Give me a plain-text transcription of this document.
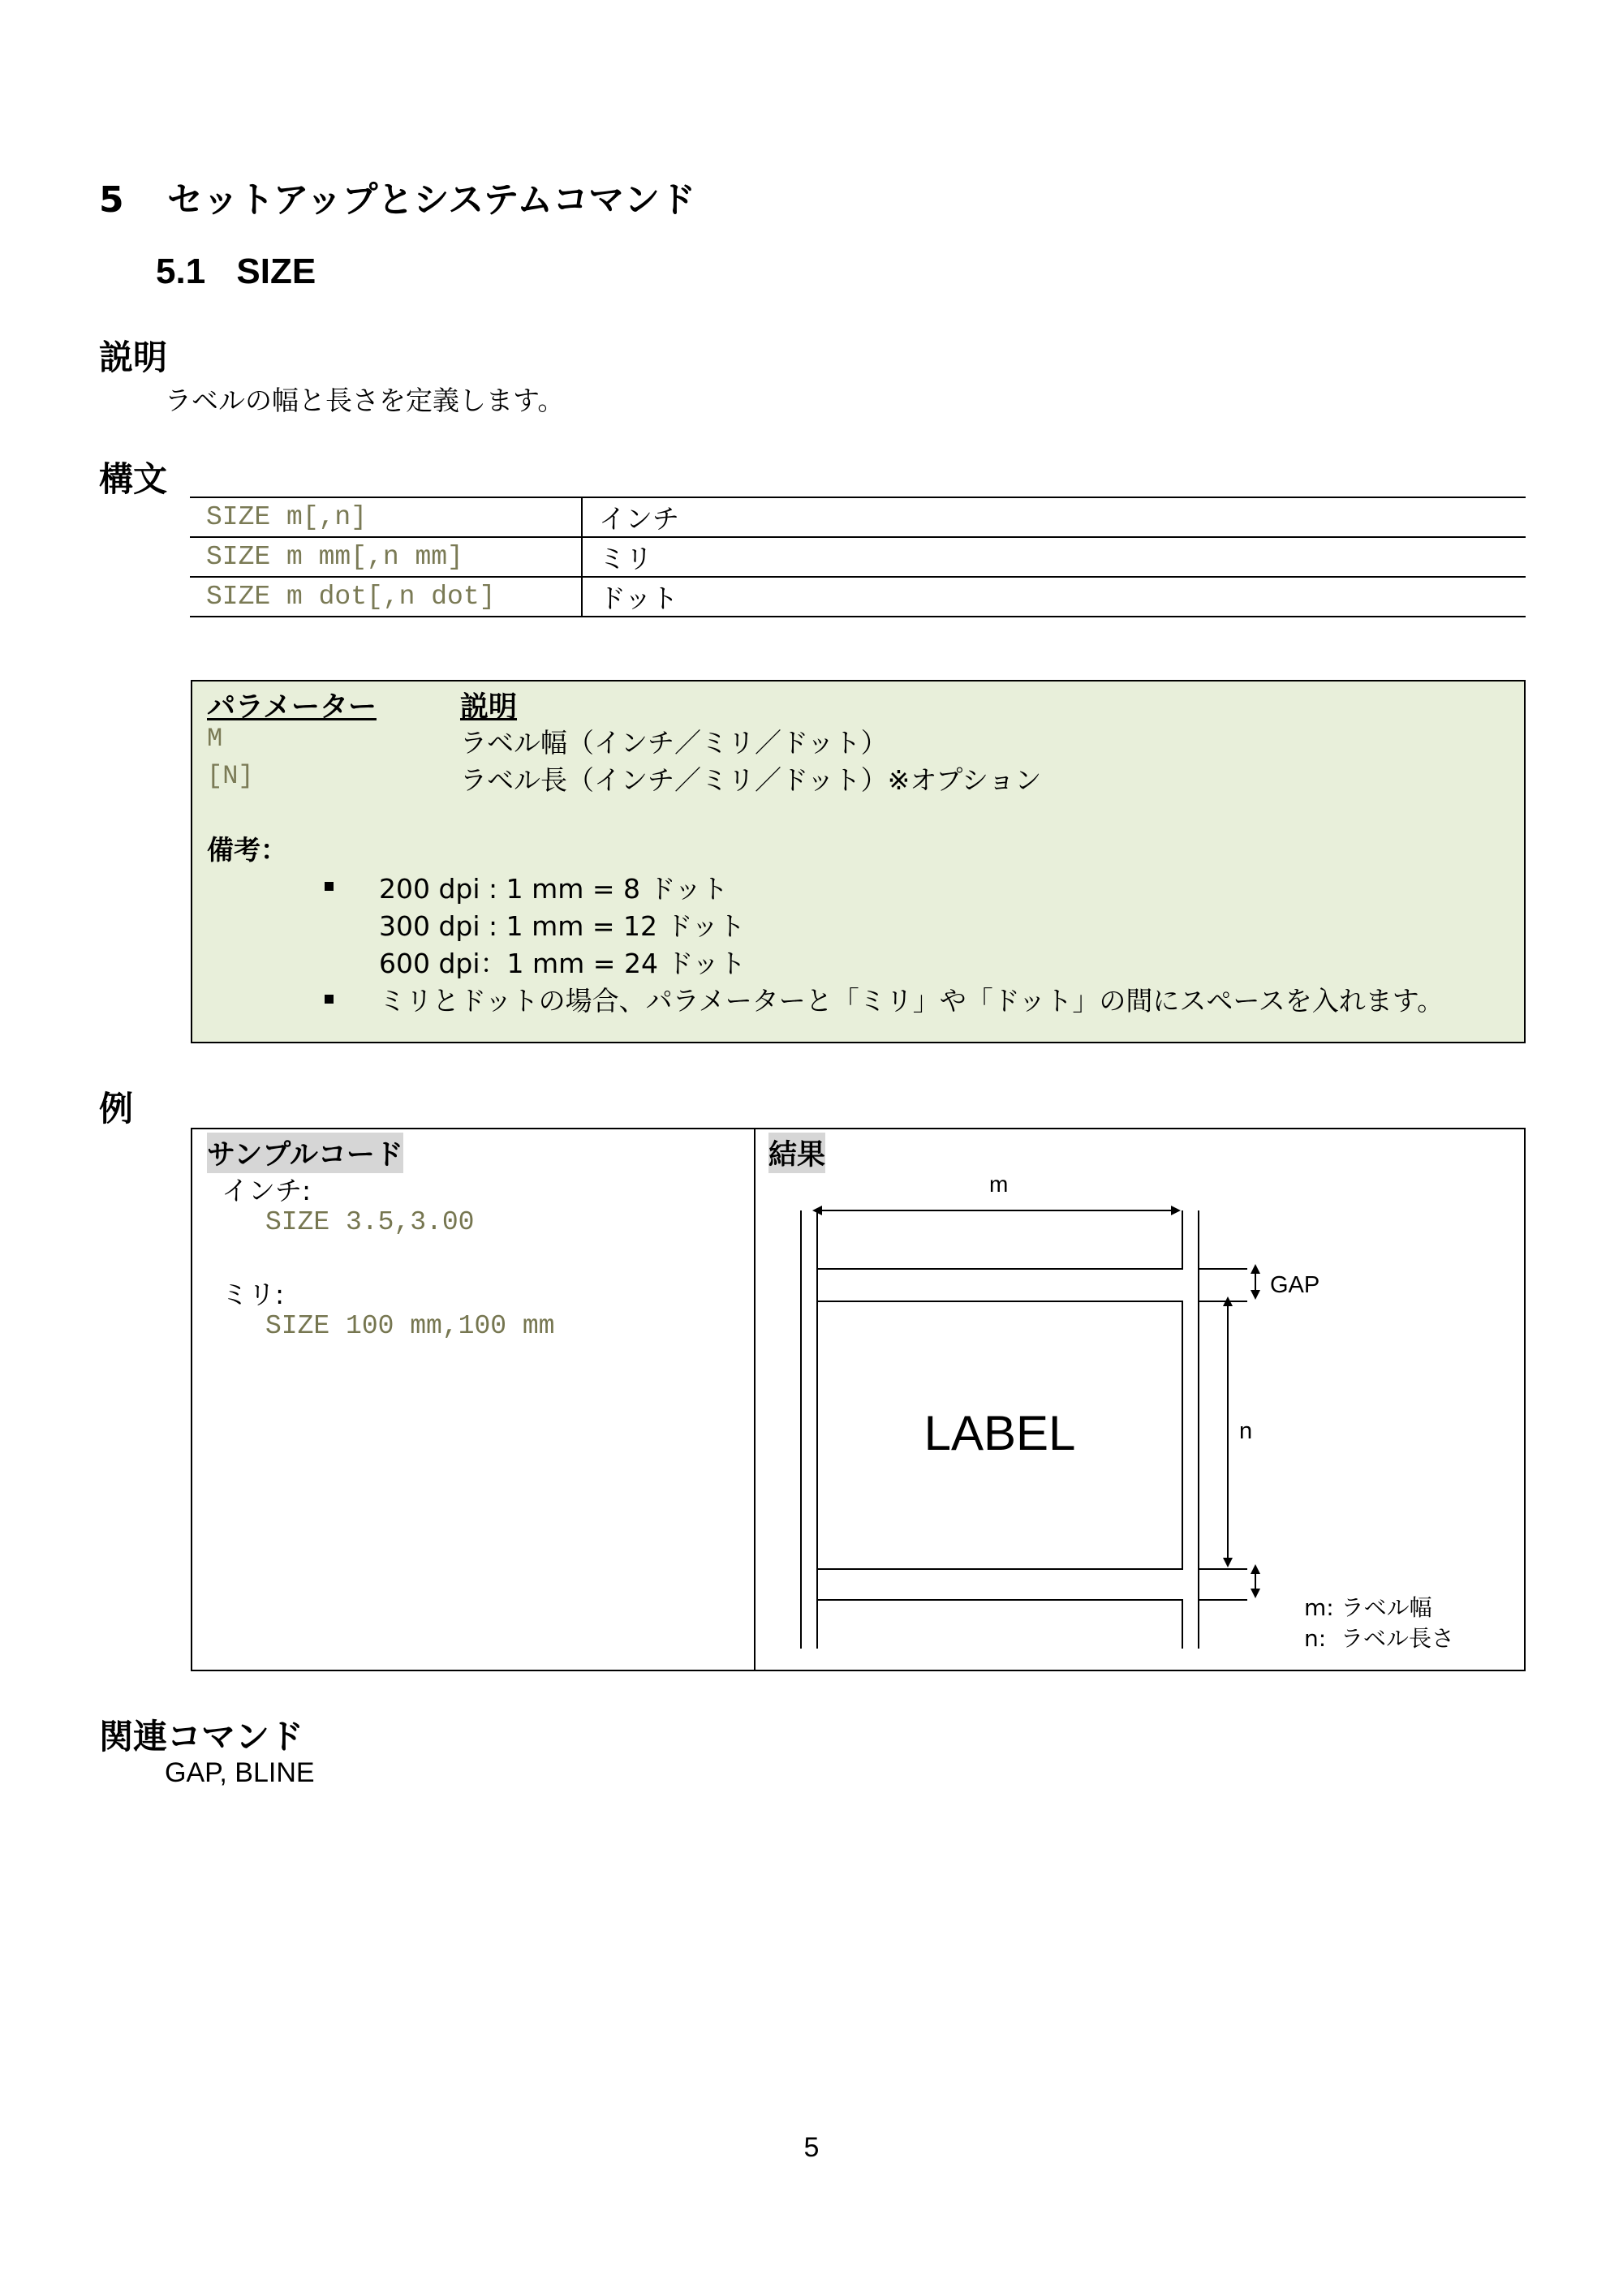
5 セットアップとシステムコマンド
5.1 SIZE
説明
ラベルの幅と長さを定義します。
構文
SIZE m[,n]	インチ
SIZE m mm[,n mm]	ミリ
SIZE m dot[,n dot]	ドット
パラメーター	説明
M	ラベル幅（インチ／ミリ／ドット）
[N]	ラベル長（インチ／ミリ／ドット）※オプション
備考：
200 dpi : 1 mm = 8 ドット
300 dpi : 1 mm = 12 ドット
600 dpi：1 mm = 24 ドット
ミリとドットの場合、パラメーターと「ミリ」や「ドット」の間にスペースを入れます。
例
サンプルコード
インチ:
SIZE 3.5,3.00
ミリ:
SIZE 100 mm,100 mm
結果
m
GAP
LABEL	n
m: ラベル幅
n:  ラベル長さ
関連コマンド
GAP, BLINE
5
